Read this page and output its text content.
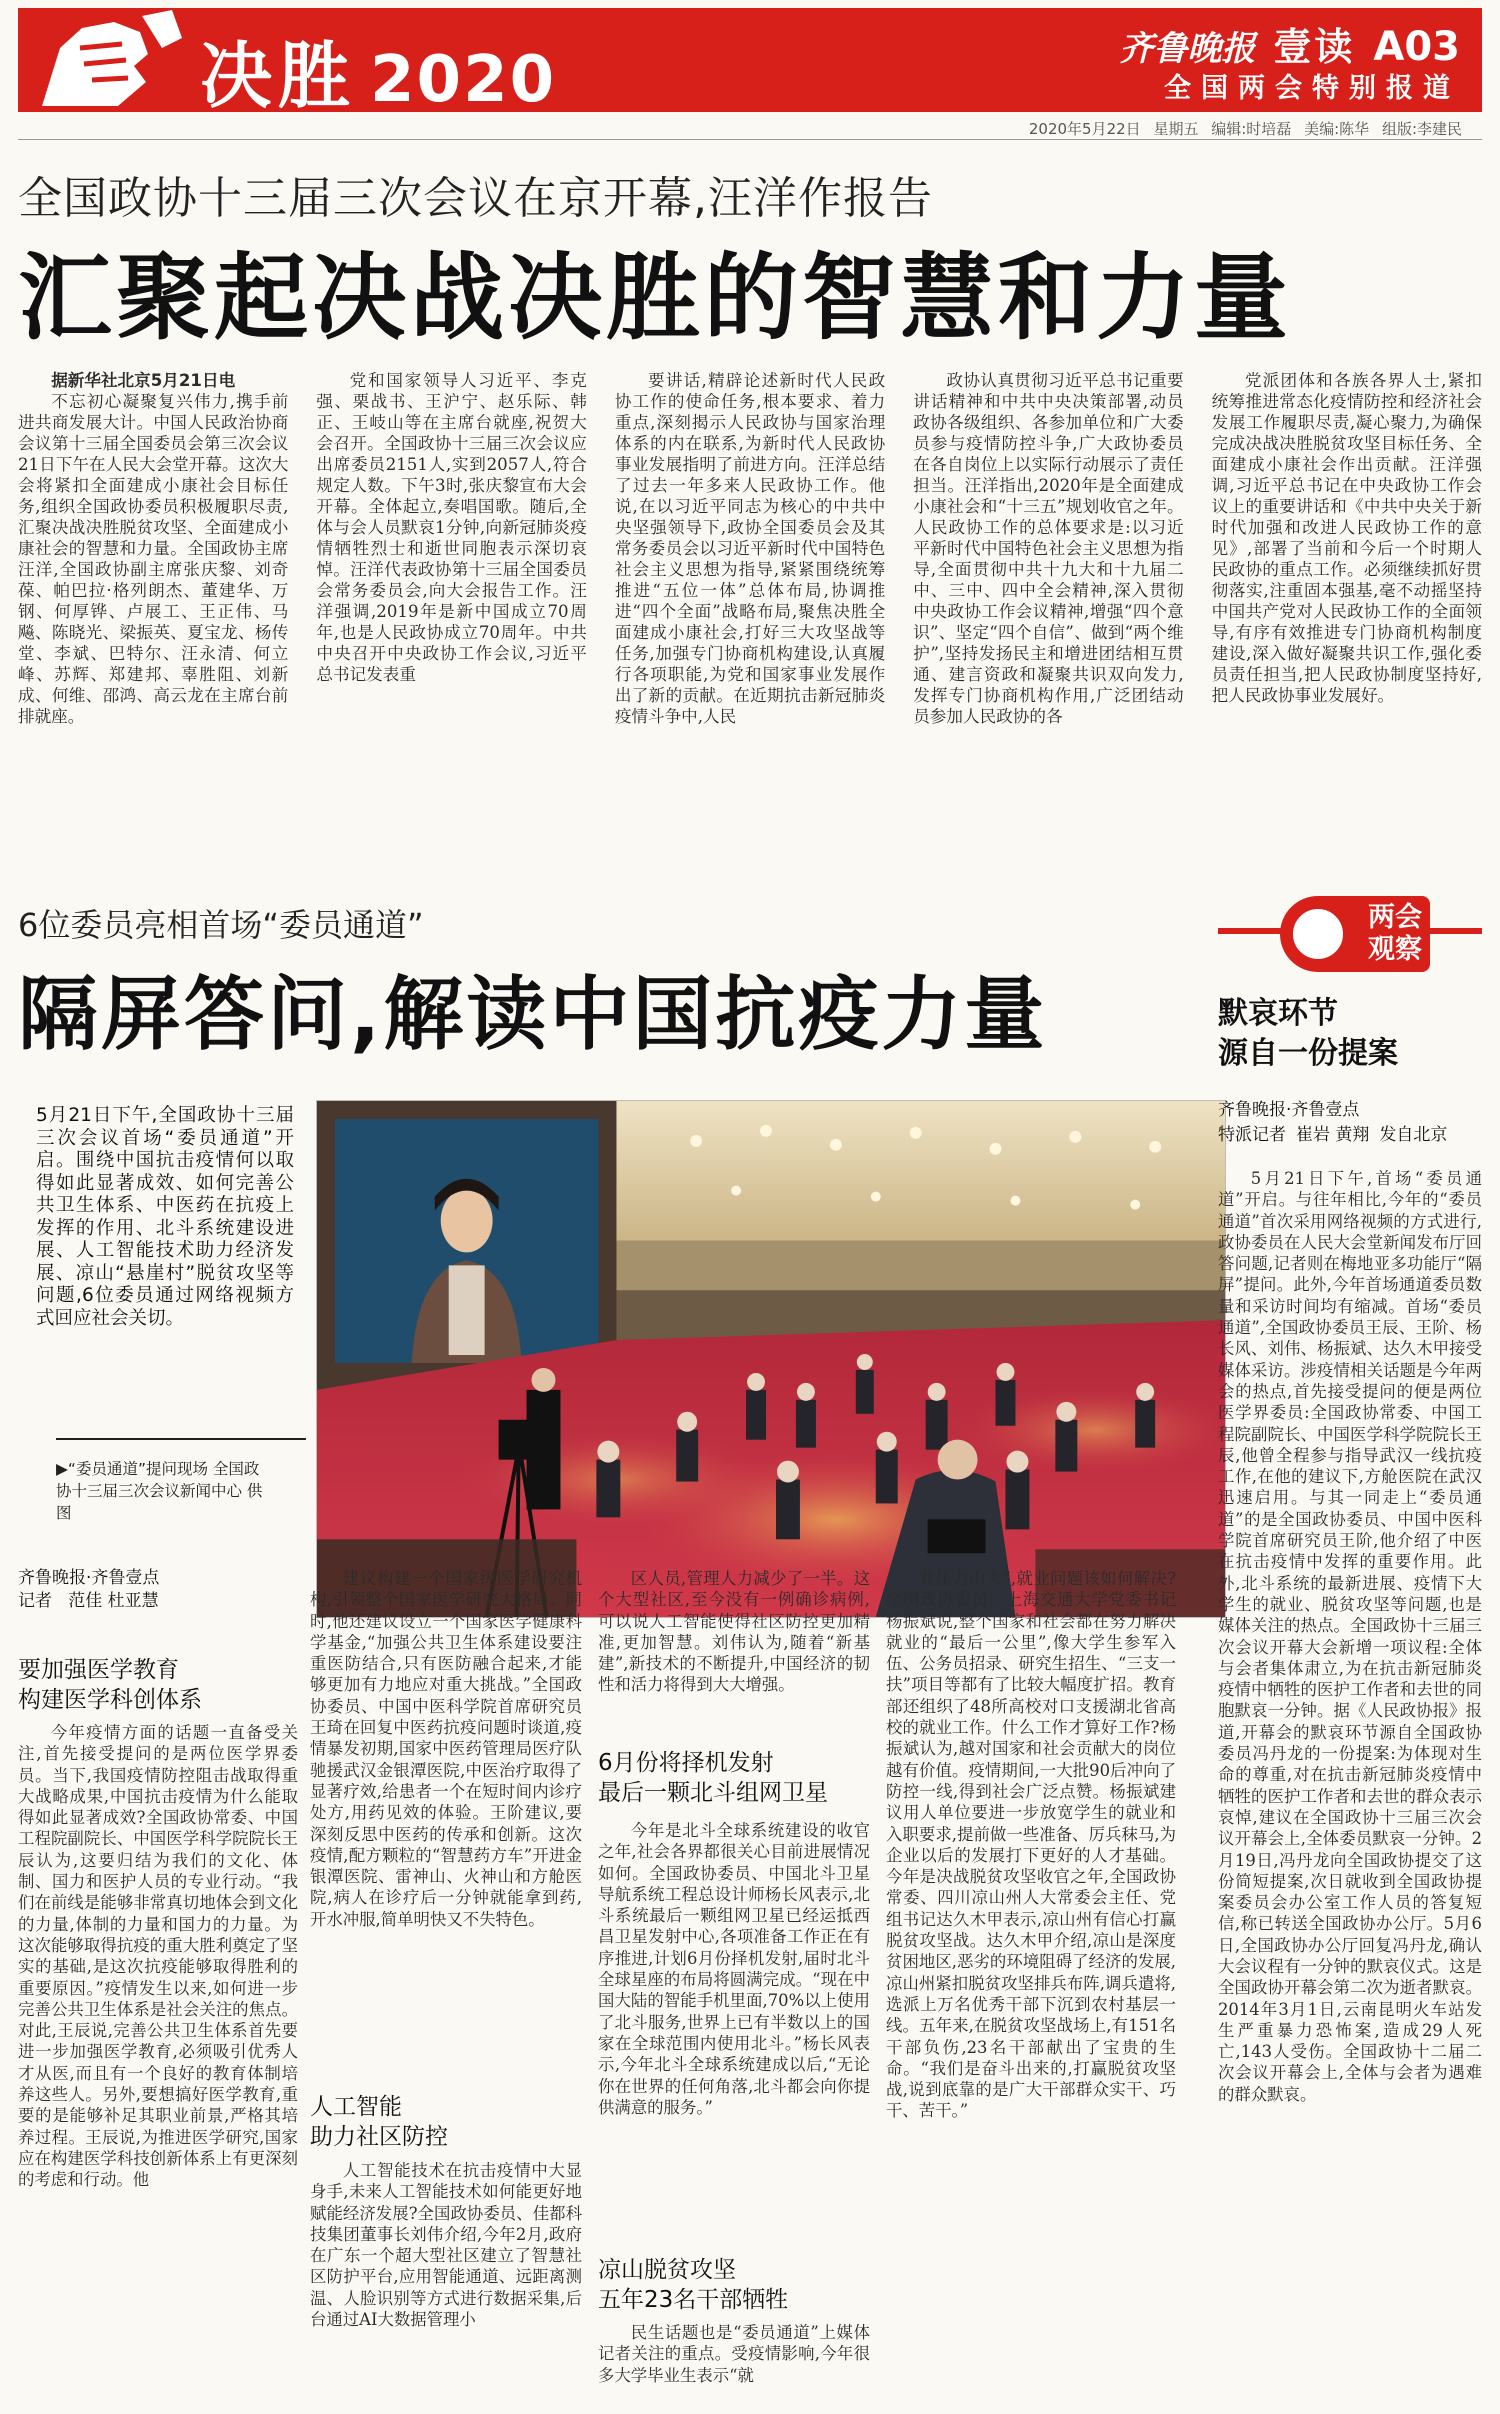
决胜 2020	齐鲁晚报 壹读 A03
全国两会特别报道
2020年5月22日 星期五 编辑:时培磊 美编:陈华 组版:李建民
全国政协十三届三次会议在京开幕,汪洋作报告
汇聚起决战决胜的智慧和力量

据新华社北京5月21日电

不忘初心凝聚复兴伟力,携手前进共商发展大计。中国人民政治协商会议第十三届全国委员会第三次会议21日下午在人民大会堂开幕。这次大会将紧扣全面建成小康社会目标任务,组织全国政协委员积极履职尽责,汇聚决战决胜脱贫攻坚、全面建成小康社会的智慧和力量。全国政协主席汪洋,全国政协副主席张庆黎、刘奇葆、帕巴拉·格列朗杰、董建华、万钢、何厚铧、卢展工、王正伟、马飚、陈晓光、梁振英、夏宝龙、杨传堂、李斌、巴特尔、汪永清、何立峰、苏辉、郑建邦、辜胜阻、刘新成、何维、邵鸿、高云龙在主席台前排就座。

党和国家领导人习近平、李克强、栗战书、王沪宁、赵乐际、韩正、王岐山等在主席台就座,祝贺大会召开。全国政协十三届三次会议应出席委员2151人,实到2057人,符合规定人数。下午3时,张庆黎宣布大会开幕。全体起立,奏唱国歌。随后,全体与会人员默哀1分钟,向新冠肺炎疫情牺牲烈士和逝世同胞表示深切哀悼。汪洋代表政协第十三届全国委员会常务委员会,向大会报告工作。汪洋强调,2019年是新中国成立70周年,也是人民政协成立70周年。中共中央召开中央政协工作会议,习近平总书记发表重

要讲话,精辟论述新时代人民政协工作的使命任务,根本要求、着力重点,深刻揭示人民政协与国家治理体系的内在联系,为新时代人民政协事业发展指明了前进方向。汪洋总结了过去一年多来人民政协工作。他说,在以习近平同志为核心的中共中央坚强领导下,政协全国委员会及其常务委员会以习近平新时代中国特色社会主义思想为指导,紧紧围绕统筹推进“五位一体”总体布局,协调推进“四个全面”战略布局,聚焦决胜全面建成小康社会,打好三大攻坚战等任务,加强专门协商机构建设,认真履行各项职能,为党和国家事业发展作出了新的贡献。在近期抗击新冠肺炎疫情斗争中,人民

政协认真贯彻习近平总书记重要讲话精神和中共中央决策部署,动员政协各级组织、各参加单位和广大委员参与疫情防控斗争,广大政协委员在各自岗位上以实际行动展示了责任担当。汪洋指出,2020年是全面建成小康社会和“十三五”规划收官之年。人民政协工作的总体要求是:以习近平新时代中国特色社会主义思想为指导,全面贯彻中共十九大和十九届二中、三中、四中全会精神,深入贯彻中央政协工作会议精神,增强“四个意识”、坚定“四个自信”、做到“两个维护”,坚持发扬民主和增进团结相互贯通、建言资政和凝聚共识双向发力,发挥专门协商机构作用,广泛团结动员参加人民政协的各

党派团体和各族各界人士,紧扣统筹推进常态化疫情防控和经济社会发展工作履职尽责,凝心聚力,为确保完成决战决胜脱贫攻坚目标任务、全面建成小康社会作出贡献。汪洋强调,习近平总书记在中央政协工作会议上的重要讲话和《中共中央关于新时代加强和改进人民政协工作的意见》,部署了当前和今后一个时期人民政协的重点工作。必须继续抓好贯彻落实,注重固本强基,毫不动摇坚持中国共产党对人民政协工作的全面领导,有序有效推进专门协商机构制度建设,深入做好凝聚共识工作,强化委员责任担当,把人民政协制度坚持好,把人民政协事业发展好。

6位委员亮相首场“委员通道”
隔屏答问,解读中国抗疫力量
5月21日下午,全国政协十三届三次会议首场“委员通道”开启。围绕中国抗击疫情何以取得如此显著成效、如何完善公共卫生体系、中医药在抗疫上发挥的作用、北斗系统建设进展、人工智能技术助力经济发展、凉山“悬崖村”脱贫攻坚等问题,6位委员通过网络视频方式回应社会关切。
▶“委员通道”提问现场 全国政协十三届三次会议新闻中心 供图
齐鲁晚报·齐鲁壹点
记者 范佳 杜亚慧
要加强医学教育
构建医学科创体系

今年疫情方面的话题一直备受关注,首先接受提问的是两位医学界委员。当下,我国疫情防控阻击战取得重大战略成果,中国抗击疫情为什么能取得如此显著成效?全国政协常委、中国工程院副院长、中国医学科学院院长王辰认为,这要归结为我们的文化、体制、国力和医护人员的专业行动。“我们在前线是能够非常真切地体会到文化的力量,体制的力量和国力的力量。为这次能够取得抗疫的重大胜利奠定了坚实的基础,是这次抗疫能够取得胜利的重要原因。”疫情发生以来,如何进一步完善公共卫生体系是社会关注的焦点。对此,王辰说,完善公共卫生体系首先要进一步加强医学教育,必须吸引优秀人才从医,而且有一个良好的教育体制培养这些人。另外,要想搞好医学教育,重要的是能够补足其职业前景,严格其培养过程。王辰说,为推进医学研究,国家应在构建医学科技创新体系上有更深刻的考虑和行动。他

建议构建一个国家级医学研究机构,引领整个国家医学研究大格局。同时,他还建议设立一个国家医学健康科学基金,“加强公共卫生体系建设要注重医防结合,只有医防融合起来,才能够更加有力地应对重大挑战。”全国政协委员、中国中医科学院首席研究员王琦在回复中医药抗疫问题时谈道,疫情暴发初期,国家中医药管理局医疗队驰援武汉金银潭医院,中医治疗取得了显著疗效,给患者一个在短时间内诊疗处方,用药见效的体验。王阶建议,要深刻反思中医药的传承和创新。这次疫情,配方颗粒的“智慧药方车”开进金银潭医院、雷神山、火神山和方舱医院,病人在诊疗后一分钟就能拿到药,开水冲服,简单明快又不失特色。

人工智能
助力社区防控

人工智能技术在抗击疫情中大显身手,未来人工智能技术如何能更好地赋能经济发展?全国政协委员、佳都科技集团董事长刘伟介绍,今年2月,政府在广东一个超大型社区建立了智慧社区防护平台,应用智能通道、远距离测温、人脸识别等方式进行数据采集,后台通过AI大数据管理小

区人员,管理人力减少了一半。这个大型社区,至今没有一例确诊病例,可以说人工智能使得社区防控更加精准,更加智慧。刘伟认为,随着“新基建”,新技术的不断提升,中国经济的韧性和活力将得到大大增强。

6月份将择机发射
最后一颗北斗组网卫星

今年是北斗全球系统建设的收官之年,社会各界都很关心目前进展情况如何。全国政协委员、中国北斗卫星导航系统工程总设计师杨长风表示,北斗系统最后一颗组网卫星已经运抵西昌卫星发射中心,各项准备工作正在有序推进,计划6月份择机发射,届时北斗全球星座的布局将圆满完成。“现在中国大陆的智能手机里面,70%以上使用了北斗服务,世界上已有半数以上的国家在全球范围内使用北斗。”杨长风表示,今年北斗全球系统建成以后,“无论你在世界的任何角落,北斗都会向你提供满意的服务。”

凉山脱贫攻坚
五年23名干部牺牲

民生话题也是“委员通道”上媒体记者关注的重点。受疫情影响,今年很多大学毕业生表示“就

业压力山大”,就业问题该如何解决?全国政协委员、上海交通大学党委书记杨振斌说,整个国家和社会都在努力解决就业的“最后一公里”,像大学生参军入伍、公务员招录、研究生招生、“三支一扶”项目等都有了比较大幅度扩招。教育部还组织了48所高校对口支援湖北省高校的就业工作。什么工作才算好工作?杨振斌认为,越对国家和社会贡献大的岗位越有价值。疫情期间,一大批90后冲向了防控一线,得到社会广泛点赞。杨振斌建议用人单位要进一步放宽学生的就业和入职要求,提前做一些准备、厉兵秣马,为企业以后的发展打下更好的人才基础。今年是决战脱贫攻坚收官之年,全国政协常委、四川凉山州人大常委会主任、党组书记达久木甲表示,凉山州有信心打赢脱贫攻坚战。达久木甲介绍,凉山是深度贫困地区,恶劣的环境阻碍了经济的发展,凉山州紧扣脱贫攻坚排兵布阵,调兵遣将,选派上万名优秀干部下沉到农村基层一线。五年来,在脱贫攻坚战场上,有151名干部负伤,23名干部献出了宝贵的生命。“我们是奋斗出来的,打赢脱贫攻坚战,说到底靠的是广大干部群众实干、巧干、苦干。”

两会
观察
默哀环节
源自一份提案
齐鲁晚报·齐鲁壹点
特派记者 崔岩 黄翔 发自北京

5月21日下午,首场“委员通道”开启。与往年相比,今年的“委员通道”首次采用网络视频的方式进行,政协委员在人民大会堂新闻发布厅回答问题,记者则在梅地亚多功能厅“隔屏”提问。此外,今年首场通道委员数量和采访时间均有缩减。首场“委员通道”,全国政协委员王辰、王阶、杨长风、刘伟、杨振斌、达久木甲接受媒体采访。涉疫情相关话题是今年两会的热点,首先接受提问的便是两位医学界委员:全国政协常委、中国工程院副院长、中国医学科学院院长王辰,他曾全程参与指导武汉一线抗疫工作,在他的建议下,方舱医院在武汉迅速启用。与其一同走上“委员通道”的是全国政协委员、中国中医科学院首席研究员王阶,他介绍了中医在抗击疫情中发挥的重要作用。此外,北斗系统的最新进展、疫情下大学生的就业、脱贫攻坚等问题,也是媒体关注的热点。全国政协十三届三次会议开幕大会新增一项议程:全体与会者集体肃立,为在抗击新冠肺炎疫情中牺牲的医护工作者和去世的同胞默哀一分钟。据《人民政协报》报道,开幕会的默哀环节源自全国政协委员冯丹龙的一份提案:为体现对生命的尊重,对在抗击新冠肺炎疫情中牺牲的医护工作者和去世的群众表示哀悼,建议在全国政协十三届三次会议开幕会上,全体委员默哀一分钟。2月19日,冯丹龙向全国政协提交了这份简短提案,次日就收到全国政协提案委员会办公室工作人员的答复短信,称已转送全国政协办公厅。5月6日,全国政协办公厅回复冯丹龙,确认大会议程有一分钟的默哀仪式。这是全国政协开幕会第二次为逝者默哀。2014年3月1日,云南昆明火车站发生严重暴力恐怖案,造成29人死亡,143人受伤。全国政协十二届二次会议开幕会上,全体与会者为遇难的群众默哀。
